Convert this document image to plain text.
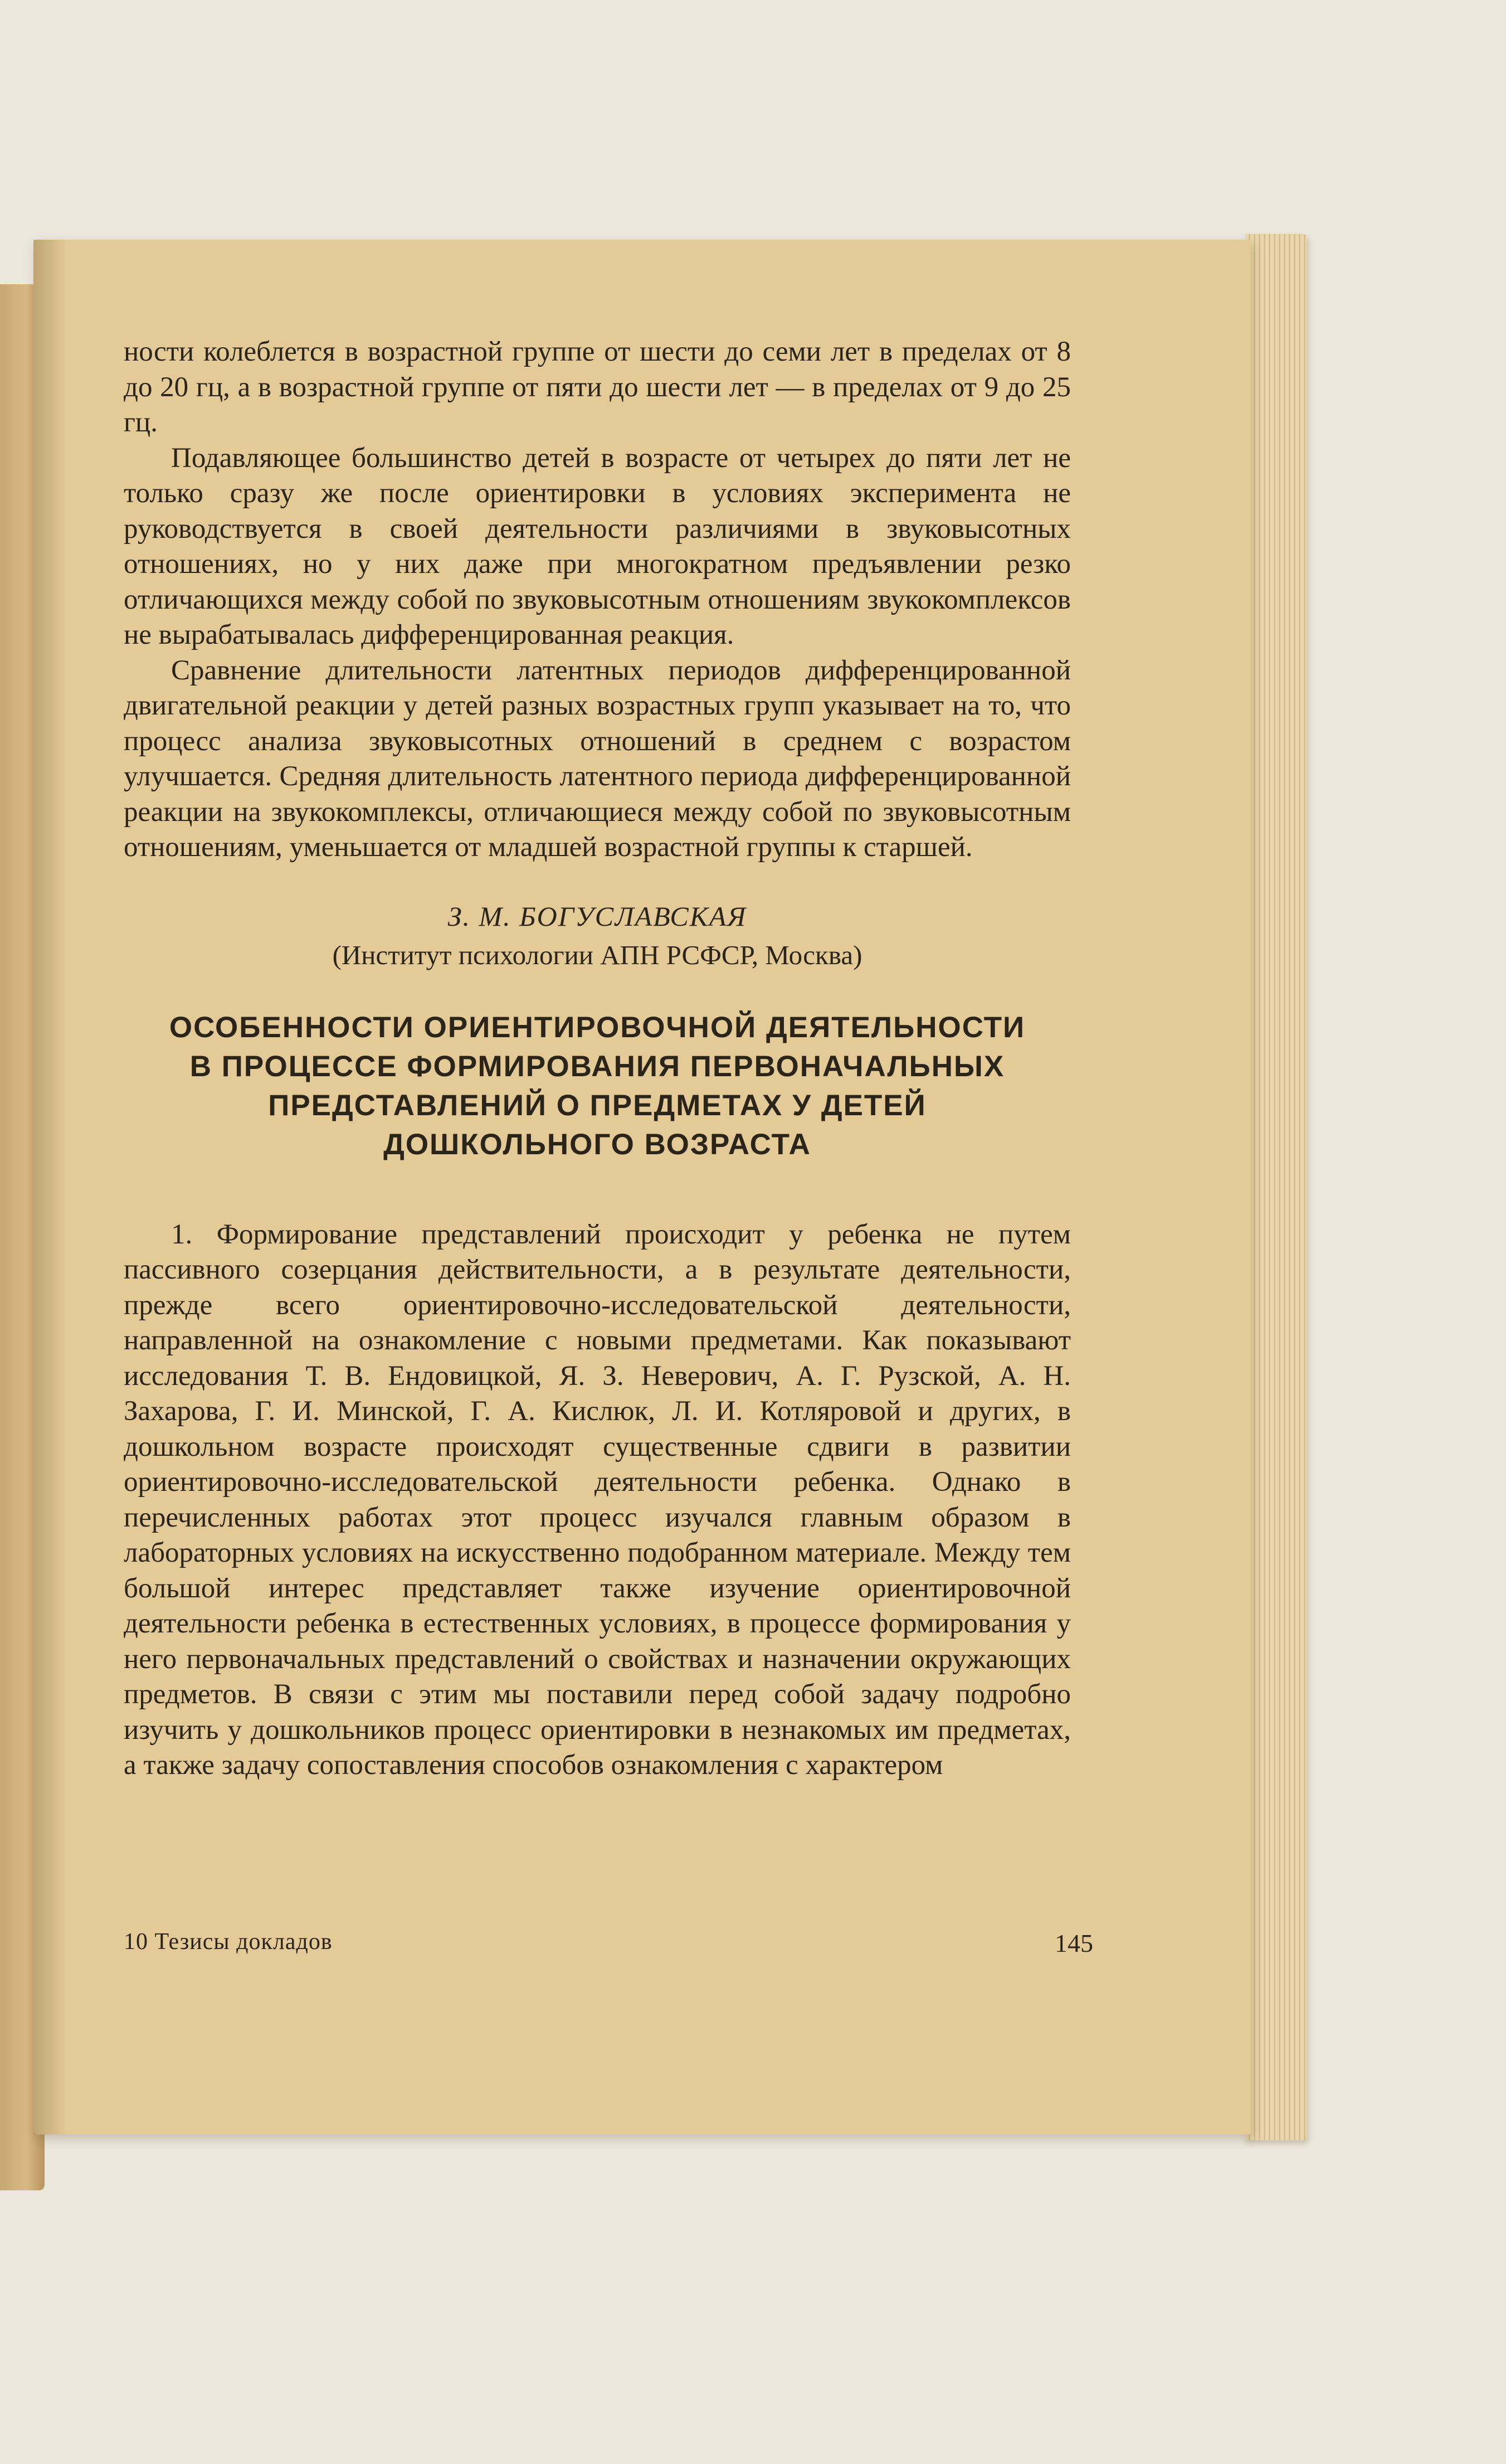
ности колеблется в возрастной группе от шести до семи лет в пределах от 8 до 20 гц, а в возрастной группе от пяти до шести лет — в пределах от 9 до 25 гц.

Подавляющее большинство детей в возрасте от четырех до пяти лет не только сразу же после ориентировки в условиях эксперимента не руководствуется в своей деятельности различиями в звуковысотных отношениях, но у них даже при многократном предъявлении резко отличающихся между собой по звуковысотным отношениям звукокомплексов не вырабатывалась дифференцированная реакция.

Сравнение длительности латентных периодов дифференцированной двигательной реакции у детей разных возрастных групп указывает на то, что процесс анализа звуковысотных отношений в среднем с возрастом улучшается. Средняя длительность латентного периода дифференцированной реакции на звукокомплексы, отличающиеся между собой по звуковысотным отношениям, уменьшается от младшей возрастной группы к старшей.

З. М. БОГУСЛАВСКАЯ

(Институт психологии АПН РСФСР, Москва)

ОСОБЕННОСТИ ОРИЕНТИРОВОЧНОЙ ДЕЯТЕЛЬНОСТИ
В ПРОЦЕССЕ ФОРМИРОВАНИЯ ПЕРВОНАЧАЛЬНЫХ
ПРЕДСТАВЛЕНИЙ О ПРЕДМЕТАХ У ДЕТЕЙ
ДОШКОЛЬНОГО ВОЗРАСТА

1. Формирование представлений происходит у ребенка не путем пассивного созерцания действительности, а в результате деятельности, прежде всего ориентировочно-исследовательской деятельности, направленной на ознакомление с новыми предметами. Как показывают исследования Т. В. Ендовицкой, Я. З. Неверович, А. Г. Рузской, А. Н. Захарова, Г. И. Минской, Г. А. Кислюк, Л. И. Котляровой и других, в дошкольном возрасте происходят существенные сдвиги в развитии ориентировочно-исследовательской деятельности ребенка. Однако в перечисленных работах этот процесс изучался главным образом в лабораторных условиях на искусственно подобранном материале. Между тем большой интерес представляет также изучение ориентировочной деятельности ребенка в естественных условиях, в процессе формирования у него первоначальных представлений о свойствах и назначении окружающих предметов. В связи с этим мы поставили перед собой задачу подробно изучить у дошкольников процесс ориентировки в незнакомых им предметах, а также задачу сопоставления способов ознакомления с характером

10 Тезисы докладов	145
